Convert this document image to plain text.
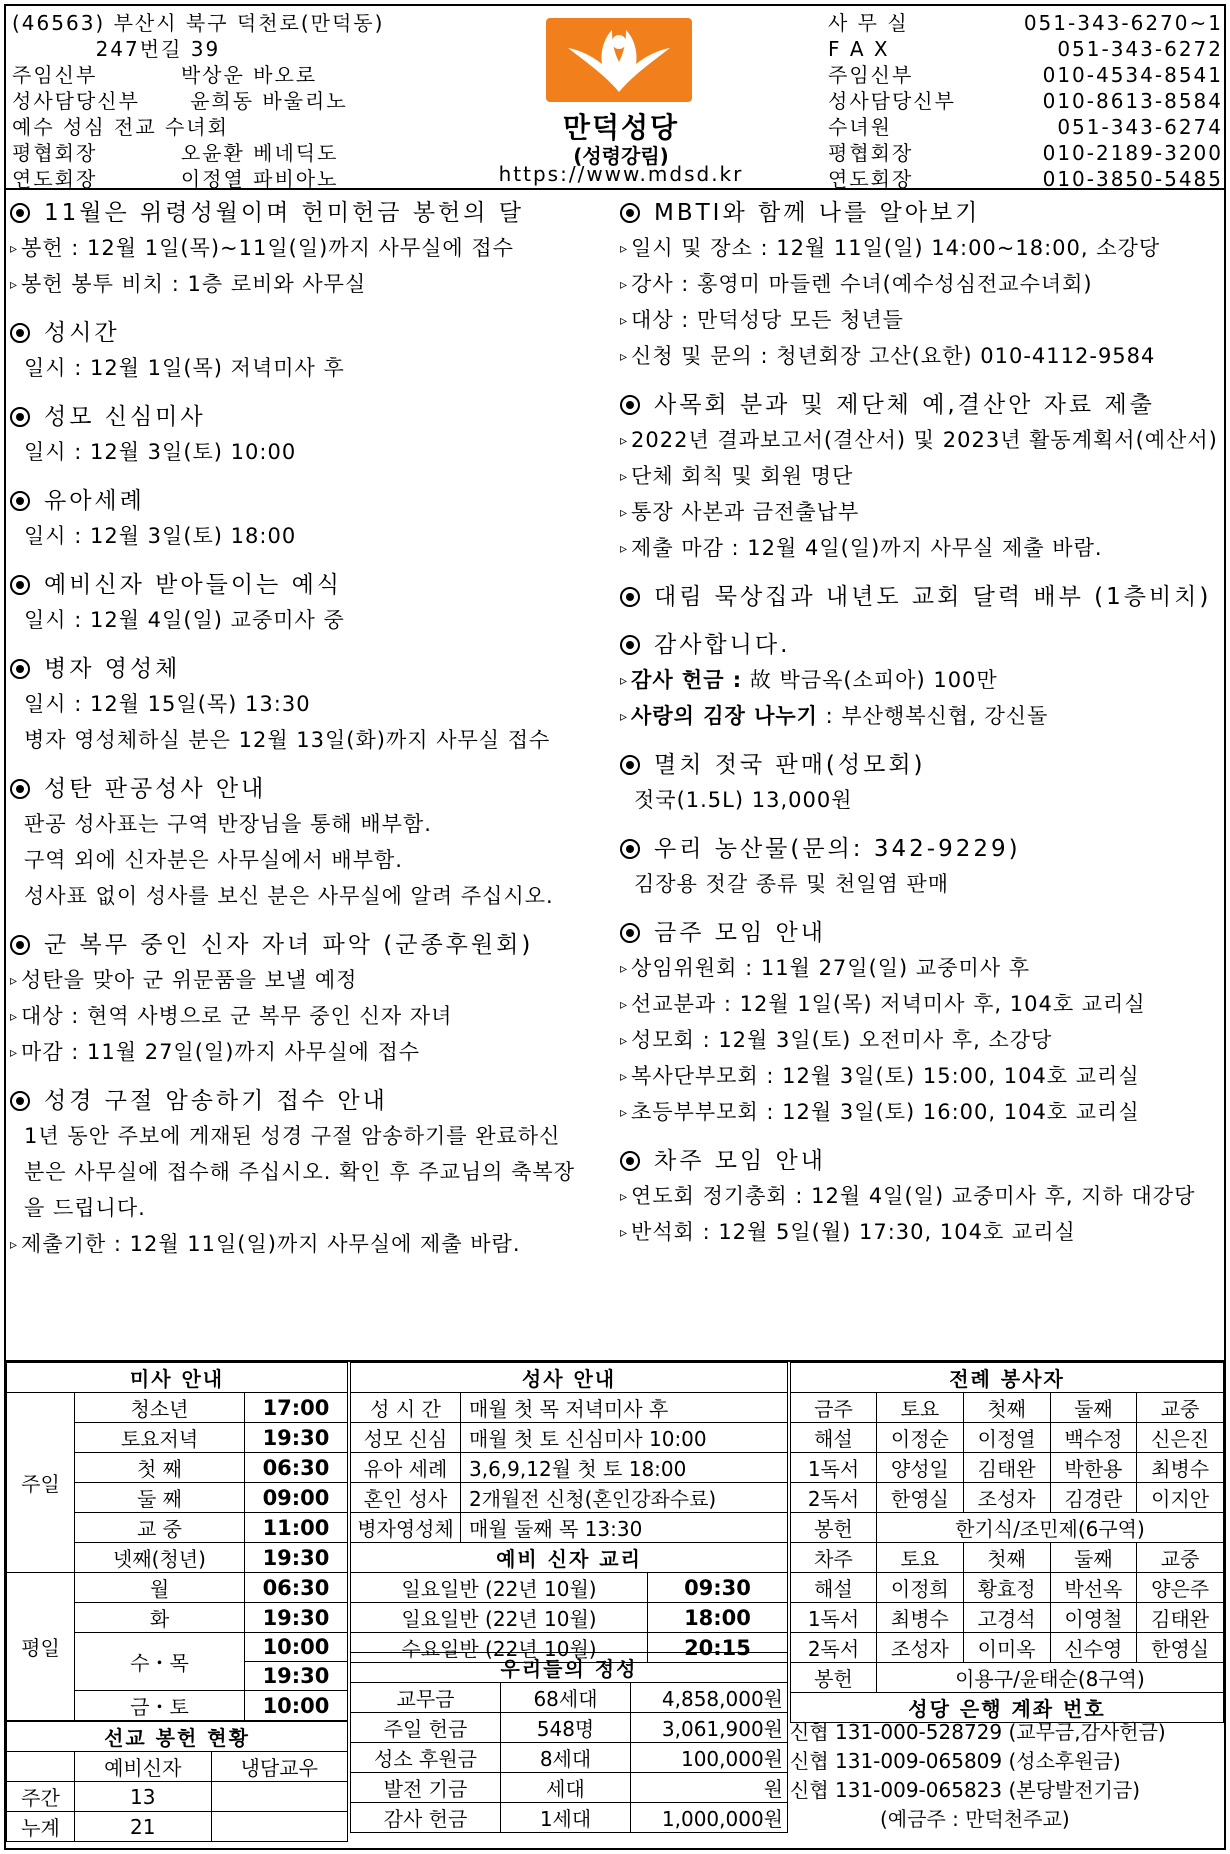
(46563) 부산시 북구 덕천로(만덕동)
247번길 39
주임신부          박상운 바오로
성사담당신부      윤희동 바울리노
예수 성심 전교 수녀회
평협회장          오윤환 베네딕도
연도회장          이정열 파비아노
만덕성당
(성령강림)
https://www.mdsd.kr
사 무 실	051-343-6270~1
F A X	051-343-6272
주임신부	010-4534-8541
성사담당신부	010-8613-8584
수녀원	051-343-6274
평협회장	010-2189-3200
연도회장	010-3850-5485
11월은 위령성월이며 헌미헌금 봉헌의 달
▹ 봉헌 : 12월 1일(목)~11일(일)까지 사무실에 접수
▹ 봉헌 봉투 비치 : 1층 로비와 사무실
성시간
일시 : 12월 1일(목) 저녁미사 후
성모 신심미사
일시 : 12월 3일(토) 10:00
유아세례
일시 : 12월 3일(토) 18:00
예비신자 받아들이는 예식
일시 : 12월 4일(일) 교중미사 중
병자 영성체
일시 : 12월 15일(목) 13:30
병자 영성체하실 분은 12월 13일(화)까지 사무실 접수
성탄 판공성사 안내
판공 성사표는 구역 반장님을 통해 배부함.
구역 외에 신자분은 사무실에서 배부함.
성사표 없이 성사를 보신 분은 사무실에 알려 주십시오.
군 복무 중인 신자 자녀 파악 (군종후원회)
▹ 성탄을 맞아 군 위문품을 보낼 예정
▹ 대상 : 현역 사병으로 군 복무 중인 신자 자녀
▹ 마감 : 11월 27일(일)까지 사무실에 접수
성경 구절 암송하기 접수 안내
1년 동안 주보에 게재된 성경 구절 암송하기를 완료하신
분은 사무실에 접수해 주십시오. 확인 후 주교님의 축복장
을 드립니다.
▹ 제출기한 : 12월 11일(일)까지 사무실에 제출 바람.
MBTI와 함께 나를 알아보기
▹ 일시 및 장소 : 12월 11일(일) 14:00~18:00, 소강당
▹ 강사 : 홍영미 마들렌 수녀(예수성심전교수녀회)
▹ 대상 : 만덕성당 모든 청년들
▹ 신청 및 문의 : 청년회장 고산(요한) 010-4112-9584
사목회 분과 및 제단체 예,결산안 자료 제출
▹ 2022년 결과보고서(결산서) 및 2023년 활동계획서(예산서)
▹ 단체 회칙 및 회원 명단
▹ 통장 사본과 금전출납부
▹ 제출 마감 : 12월 4일(일)까지 사무실 제출 바람.
대림 묵상집과 내년도 교회 달력 배부 (1층비치)
감사합니다.
▹ 감사 헌금 : 故 박금옥(소피아) 100만
▹ 사랑의 김장 나누기 : 부산행복신협, 강신돌
멸치 젓국 판매(성모회)
젓국(1.5L) 13,000원
우리 농산물(문의: 342-9229)
김장용 젓갈 종류 및 천일염 판매
금주 모임 안내
▹ 상임위원회 : 11월 27일(일) 교중미사 후
▹ 선교분과 : 12월 1일(목) 저녁미사 후, 104호 교리실
▹ 성모회 : 12월 3일(토) 오전미사 후, 소강당
▹ 복사단부모회 : 12월 3일(토) 15:00, 104호 교리실
▹ 초등부부모회 : 12월 3일(토) 16:00, 104호 교리실
차주 모임 안내
▹ 연도회 정기총회 : 12월 4일(일) 교중미사 후, 지하 대강당
▹ 반석회 : 12월 5일(월) 17:30, 104호 교리실
미사 안내		
주일	청소년	17:00
	토요저녁	19:30
	첫 째	06:30
	둘 째	09:00
	교 중	11:00
	넷째(청년)	19:30
평일	월	06:30
	화	19:30
	수・목	10:00
		19:30
	금・토	10:00
선교 봉헌 현황		
	예비신자	냉담교우
주간	13	
누계	21	
성사 안내		
성 시 간	매월 첫 목 저녁미사 후	
성모 신심	매월 첫 토 신심미사 10:00	
유아 세례	3,6,9,12월 첫 토 18:00	
혼인 성사	2개월전 신청(혼인강좌수료)	
병자영성체	매월 둘째 목 13:30	
예비 신자 교리		
일요일반 (22년 10월)		09:30
일요일반 (22년 10월)		18:00
수요일반 (22년 10월)		20:15
우리들의 정성		
교무금	68세대	4,858,000원
주일 헌금	548명	3,061,900원
성소 후원금	8세대	100,000원
발전 기금	세대	원
감사 헌금	1세대	1,000,000원
전례 봉사자				
금주	토요	첫째	둘째	교중
해설	이정순	이정열	백수정	신은진
1독서	양성일	김태완	박한용	최병수
2독서	한영실	조성자	김경란	이지안
봉헌	한기식/조민제(6구역)			
차주	토요	첫째	둘째	교중
해설	이정희	황효정	박선옥	양은주
1독서	최병수	고경석	이영철	김태완
2독서	조성자	이미옥	신수영	한영실
봉헌	이용구/윤태순(8구역)			
성당 은행 계좌 번호				
신협 131-000-528729 (교무금,감사헌금)
신협 131-009-065809 (성소후원금)
신협 131-009-065823 (본당발전기금)
(예금주 : 만덕천주교)
